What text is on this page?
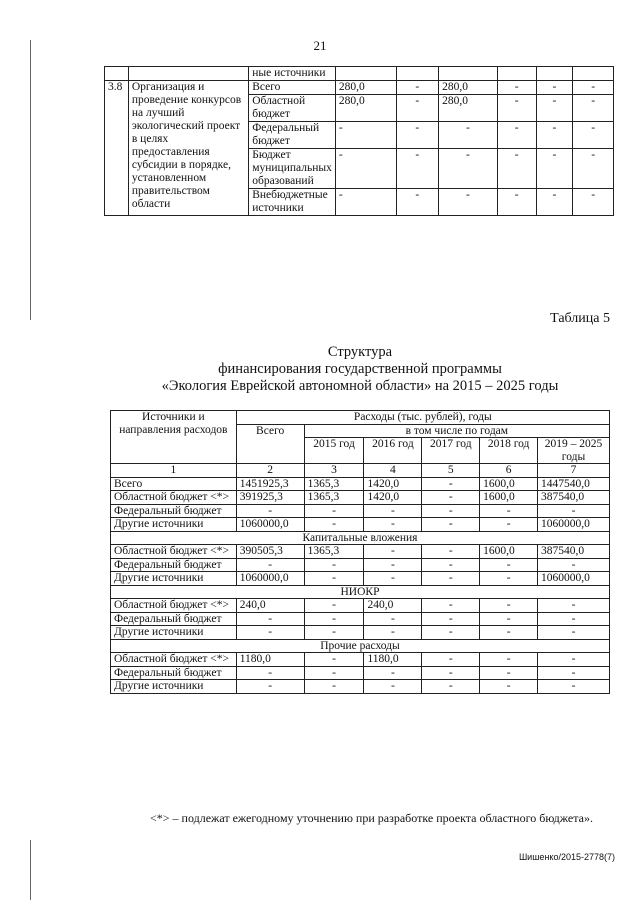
21
		ные источники						
3.8	Организация и проведение конкурсов на лучший экологический проект в целях предоставления субсидии в порядке, установленном правительством области	Всего	280,0	-	280,0	-	-	-
		Областной бюджет	280,0	-	280,0	-	-	-
		Федеральный бюджет	-	-	-	-	-	-
		Бюджет муниципальных образований	-	-	-	-	-	-
		Внебюджетные источники	-	-	-	-	-	-
Таблица 5
Структура
финансирования государственной программы
«Экология Еврейской автономной области» на 2015 – 2025 годы
Источники и направления расходов	Расходы (тыс. рублей), годы					
	Всего	в том числе по годам				
		2015 год	2016 год	2017 год	2018 год	2019 – 2025 годы
1	2	3	4	5	6	7
Всего	1451925,3	1365,3	1420,0	-	1600,0	1447540,0
Областной бюджет <*>	391925,3	1365,3	1420,0	-	1600,0	387540,0
Федеральный бюджет	-	-	-	-	-	-
Другие источники	1060000,0	-	-	-	-	1060000,0
Капитальные вложения						
Областной бюджет <*>	390505,3	1365,3	-	-	1600,0	387540,0
Федеральный бюджет	-	-	-	-	-	-
Другие источники	1060000,0	-	-	-	-	1060000,0
НИОКР						
Областной бюджет <*>	240,0	-	240,0	-	-	-
Федеральный бюджет	-	-	-	-	-	-
Другие источники	-	-	-	-	-	-
Прочие расходы						
Областной бюджет <*>	1180,0	-	1180,0	-	-	-
Федеральный бюджет	-	-	-	-	-	-
Другие источники	-	-	-	-	-	-
<*> – подлежат ежегодному уточнению при разработке проекта областного бюджета».
Шишенко/2015-2778(7)
